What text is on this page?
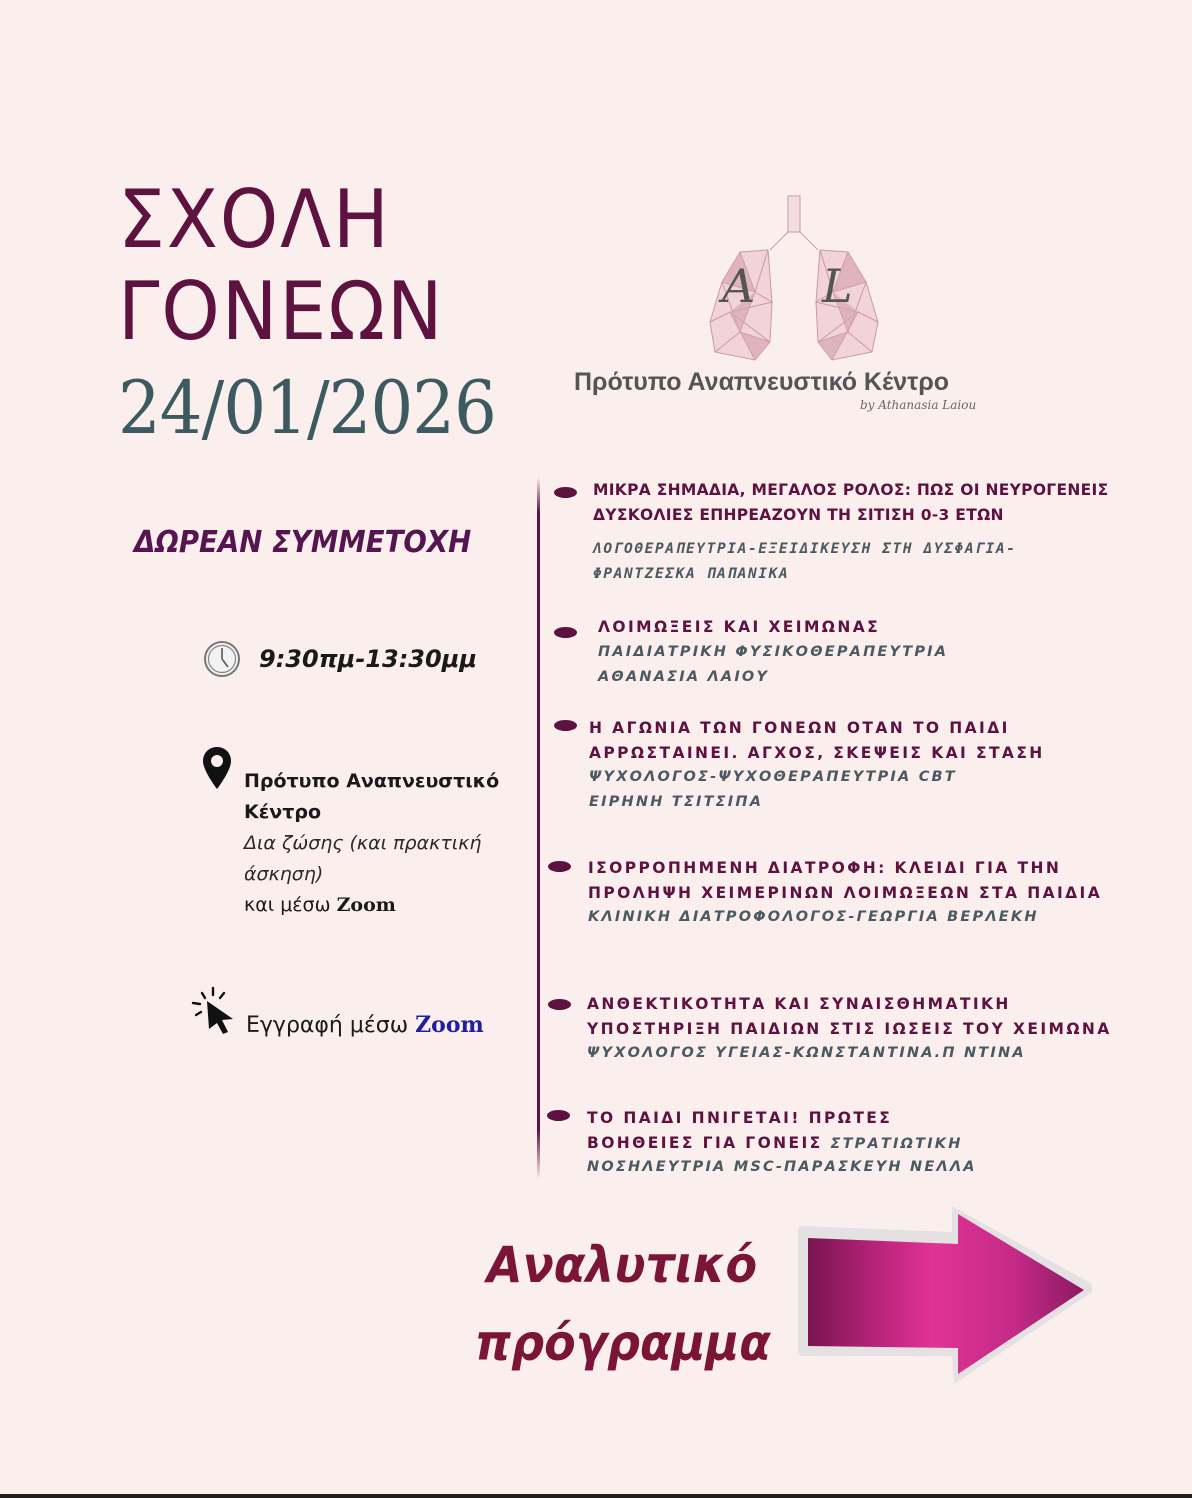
ΣΧΟΛΗ
ΓΟΝΕΩΝ
24/01/2026
A L
Πρότυπο Αναπνευστικό Κέντρο
by Athanasia Laiou
ΔΩΡΕΑΝ ΣΥΜΜΕΤΟΧΗ
9:30πμ-13:30μμ
Πρότυπο Αναπνευστικό Κέντρο
Δια ζώσης (και πρακτική άσκηση)
και μέσω Zoom
Εγγραφή μέσω Zoom
ΜΙΚΡΑ ΣΗΜΑΔΙΑ, ΜΕΓΑΛΟΣ ΡΟΛΟΣ: ΠΩΣ ΟΙ ΝΕΥΡΟΓΕΝΕΙΣ
ΔΥΣΚΟΛΙΕΣ ΕΠΗΡΕΑΖΟΥΝ ΤΗ ΣΙΤΙΣΗ 0-3 ΕΤΩΝ
ΛΟΓΟΘΕΡΑΠΕΥΤΡΙΑ-ΕΞΕΙΔΙΚΕΥΣΗ ΣΤΗ ΔΥΣΦΑΓΙΑ-
ΦΡΑΝΤΖΕΣΚΑ ΠΑΠΑΝΙΚΑ
ΛΟΙΜΩΞΕΙΣ ΚΑΙ ΧΕΙΜΩΝΑΣ
ΠΑΙΔΙΑΤΡΙΚΗ ΦΥΣΙΚΟΘΕΡΑΠΕΥΤΡΙΑ
ΑΘΑΝΑΣΙΑ ΛΑΙΟΥ
Η ΑΓΩΝΙΑ ΤΩΝ ΓΟΝΕΩΝ ΟΤΑΝ ΤΟ ΠΑΙΔΙ
ΑΡΡΩΣΤΑΙΝΕΙ. ΑΓΧΟΣ, ΣΚΕΨΕΙΣ ΚΑΙ ΣΤΑΣΗ
ΨΥΧΟΛΟΓΟΣ-ΨΥΧΟΘΕΡΑΠΕΥΤΡΙΑ CBT
ΕΙΡΗΝΗ ΤΣΙΤΣΙΠΑ
ΙΣΟΡΡΟΠΗΜΕΝΗ ΔΙΑΤΡΟΦΗ: ΚΛΕΙΔΙ ΓΙΑ ΤΗΝ
ΠΡΟΛΗΨΗ ΧΕΙΜΕΡΙΝΩΝ ΛΟΙΜΩΞΕΩΝ ΣΤΑ ΠΑΙΔΙΑ
ΚΛΙΝΙΚΗ ΔΙΑΤΡΟΦΟΛΟΓΟΣ-ΓΕΩΡΓΙΑ ΒΕΡΛΕΚΗ
ΑΝΘΕΚΤΙΚΟΤΗΤΑ ΚΑΙ ΣΥΝΑΙΣΘΗΜΑΤΙΚΗ
ΥΠΟΣΤΗΡΙΞΗ ΠΑΙΔΙΩΝ ΣΤΙΣ ΙΩΣΕΙΣ ΤΟΥ ΧΕΙΜΩΝΑ
ΨΥΧΟΛΟΓΟΣ ΥΓΕΙΑΣ-ΚΩΝΣΤΑΝΤΙΝΑ.Π ΝΤΙΝΑ
ΤΟ ΠΑΙΔΙ ΠΝΙΓΕΤΑΙ! ΠΡΩΤΕΣ
ΒΟΗΘΕΙΕΣ ΓΙΑ ΓΟΝΕΙΣ ΣΤΡΑΤΙΩΤΙΚΗ
ΝΟΣΗΛΕΥΤΡΙΑ MSC-ΠΑΡΑΣΚΕΥΗ ΝΕΛΛΑ
Αναλυτικό
πρόγραμμα
